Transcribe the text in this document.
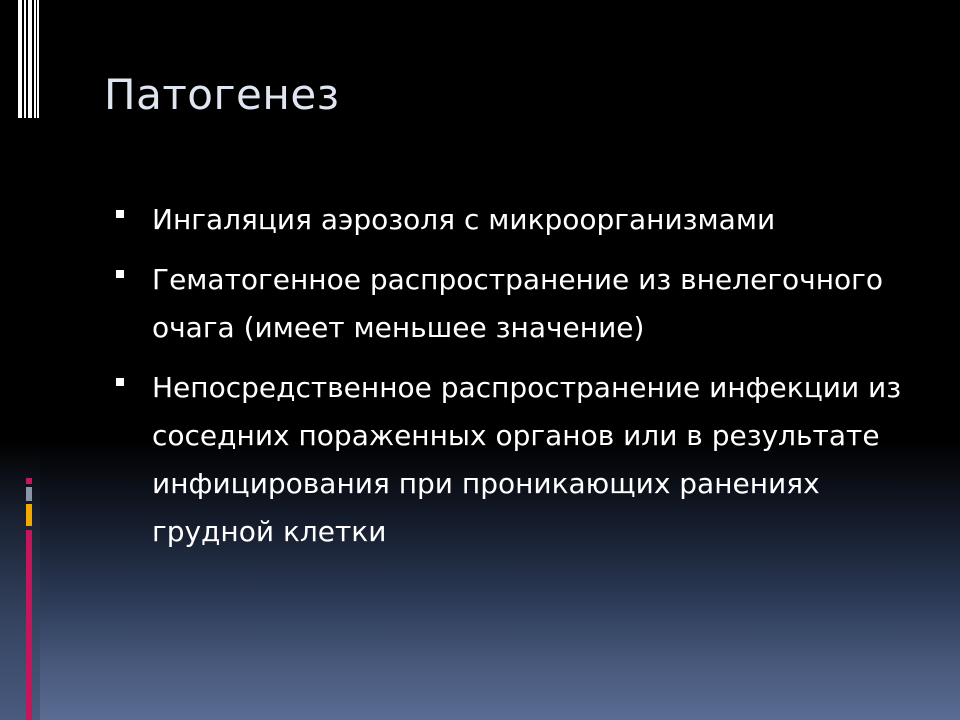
Патогенез
Ингаляция аэрозоля с микроорганизмами
Гематогенное распространение из внелегочного очага (имеет меньшее значение)
Непосредственное распространение инфекции из соседних пораженных органов или в результате инфицирования при проникающих ранениях грудной клетки
